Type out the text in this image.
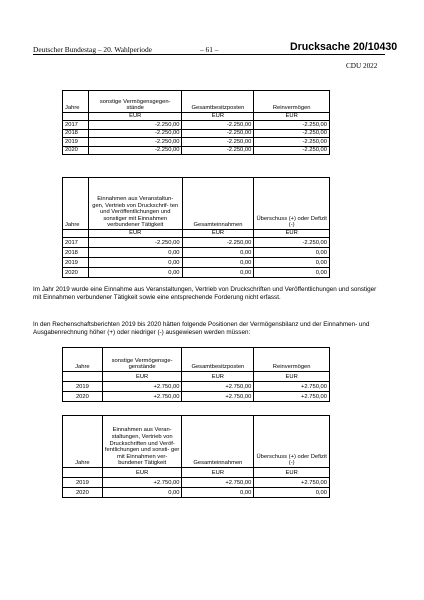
Deutscher Bundestag – 20. Wahlperiode	– 61 –	Drucksache 20/10430
CDU 2022
Jahre	sonstige Vermögensgegen- stände	Gesamtbesitzposten	Reinvermögen
	EUR	EUR	EUR
2017	-2.250,00	-2.250,00	-2.250,00
2018	-2.250,00	-2.250,00	-2.250,00
2019	-2.250,00	-2.250,00	-2.250,00
2020	-2.250,00	-2.250,00	-2.250,00
Jahre	Einnahmen aus Veranstaltun- gen, Vertrieb von Druckschrif- ten und Veröffentlichungen und sonstiger mit Einnahmen verbundener Tätigkeit	Gesamteinnahmen	Überschuss (+) oder Defizit (-)
	EUR	EUR	EUR
2017	-2.250,00	-2.250,00	-2.250,00
2018	0,00	0,00	0,00
2019	0,00	0,00	0,00
2020	0,00	0,00	0,00
Im Jahr 2019 wurde eine Einnahme aus Veranstaltungen, Vertrieb von Druckschriften und Veröffentlichungen und sonstiger mit Einnahmen verbundener Tätigkeit sowie eine entsprechende Forderung nicht erfasst.
In den Rechenschaftsberichten 2019 bis 2020 hätten folgende Positionen der Vermögensbilanz und der Einnahmen- und Ausgabenrechnung höher (+) oder niedriger (-) ausgewiesen werden müssen:
Jahre	sonstige Vermögensge- genstände	Gesamtbesitzposten	Reinvermögen
	EUR	EUR	EUR
2019	+2.750,00	+2.750,00	+2.750,00
2020	+2.750,00	+2.750,00	+2.750,00
Jahre	Einnahmen aus Veran- staltungen, Vertrieb von Druckschriften und Veröf- fentlichungen und sonsti- ger mit Einnahmen ver- bundener Tätigkeit	Gesamteinnahmen	Überschuss (+) oder Defizit (-)
	EUR	EUR	EUR
2019	+2.750,00	+2.750,00	+2.750,00
2020	0,00	0,00	0,00
